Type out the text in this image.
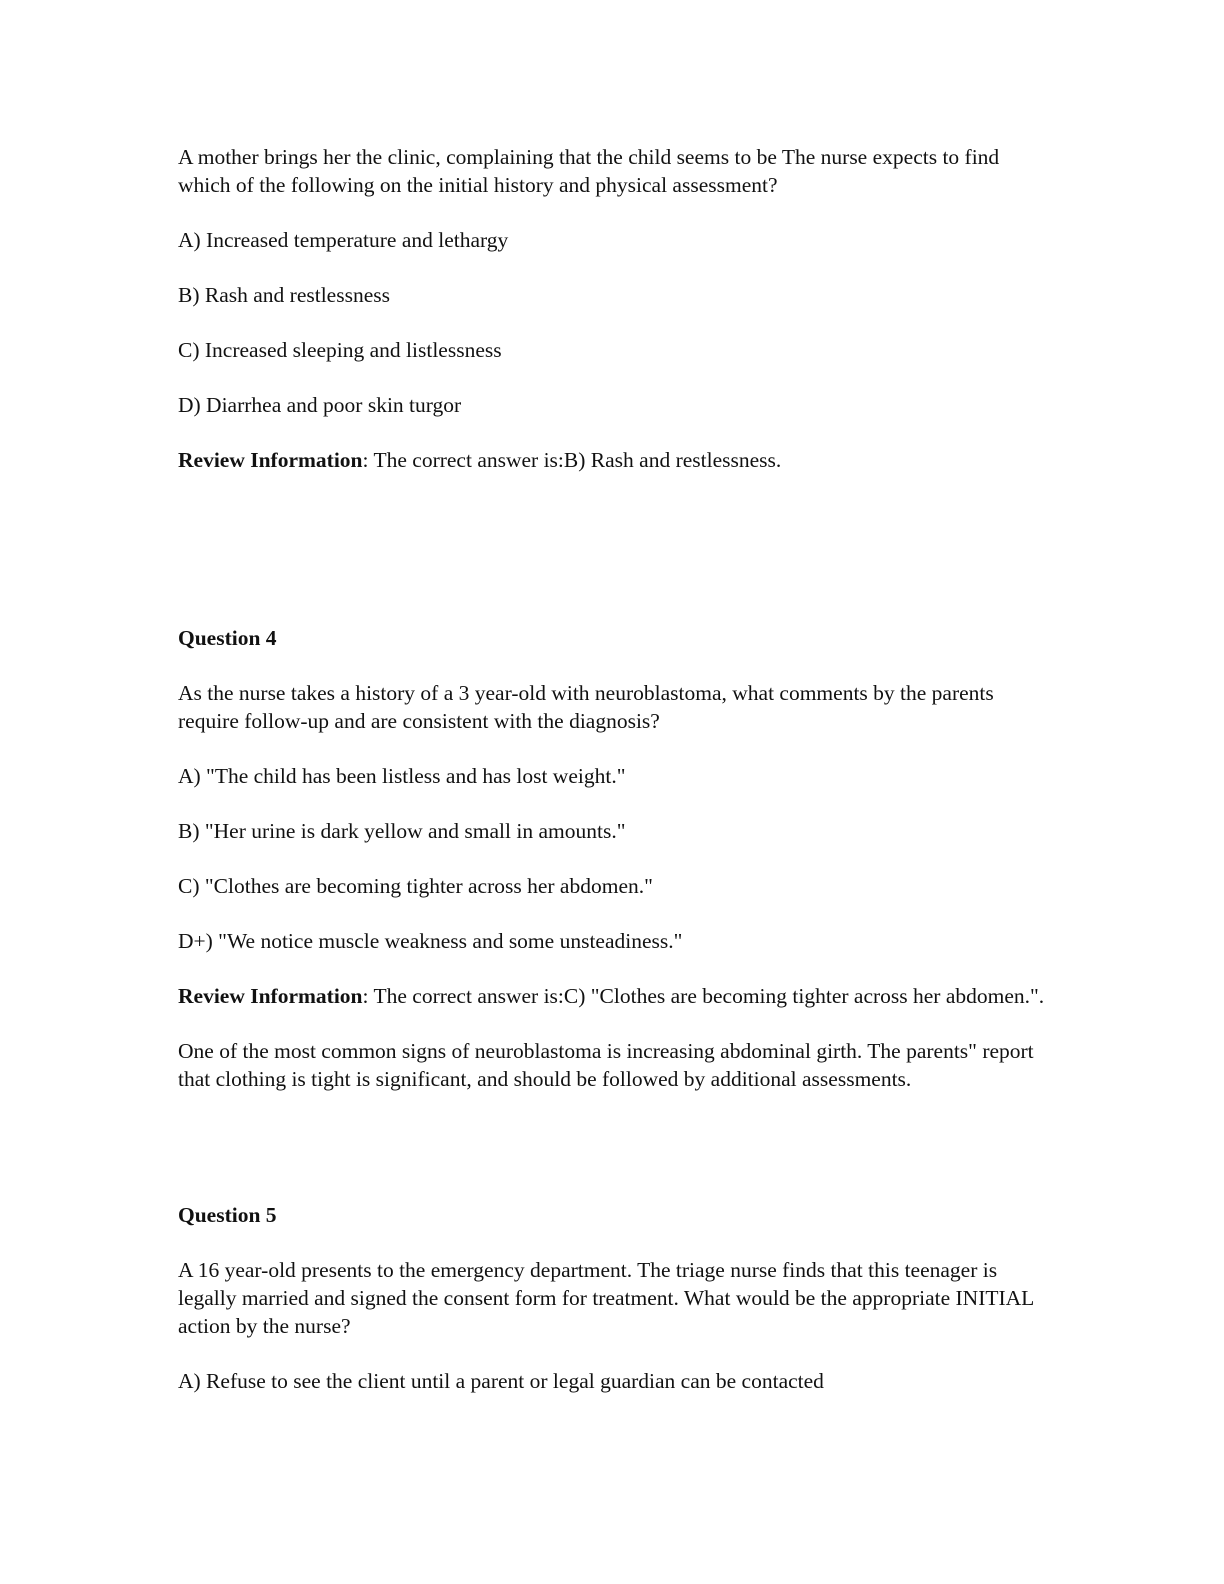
A mother brings her the clinic, complaining that the child seems to be The nurse expects to find which of the following on the initial history and physical assessment?

A) Increased temperature and lethargy

B) Rash and restlessness

C) Increased sleeping and listlessness

D) Diarrhea and poor skin turgor

Review Information: The correct answer is:B) Rash and restlessness.

Question 4

As the nurse takes a history of a 3 year-old with neuroblastoma, what comments by the parents require follow-up and are consistent with the diagnosis?

A) "The child has been listless and has lost weight."

B) "Her urine is dark yellow and small in amounts."

C) "Clothes are becoming tighter across her abdomen."

D+) "We notice muscle weakness and some unsteadiness."

Review Information: The correct answer is:C) "Clothes are becoming tighter across her abdomen.".

One of the most common signs of neuroblastoma is increasing abdominal girth. The parents" report that clothing is tight is significant, and should be followed by additional assessments.

Question 5

A 16 year-old presents to the emergency department. The triage nurse finds that this teenager is legally married and signed the consent form for treatment. What would be the appropriate INITIAL action by the nurse?

A) Refuse to see the client until a parent or legal guardian can be contacted
